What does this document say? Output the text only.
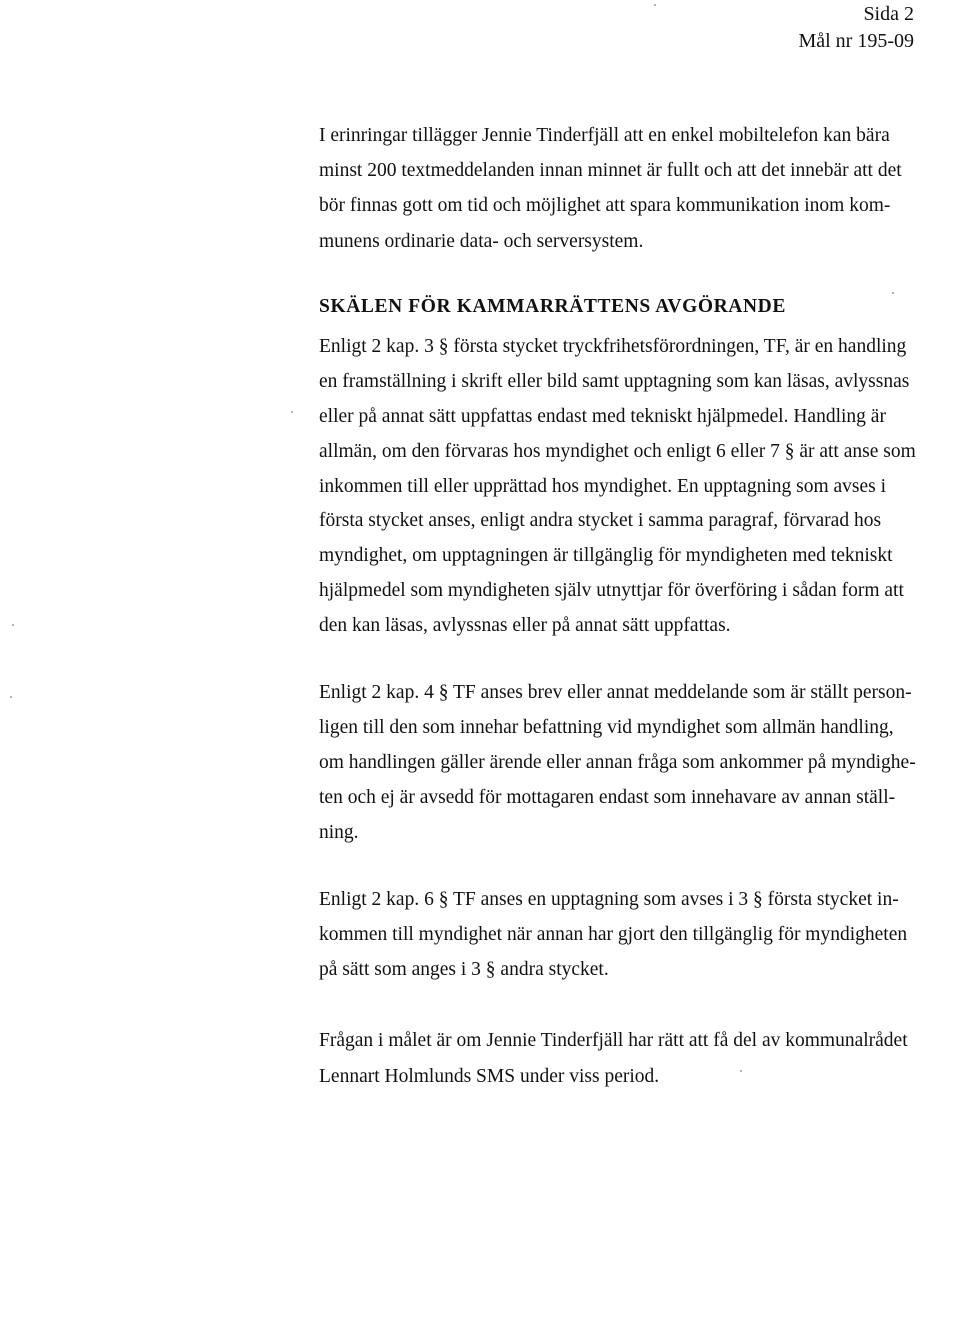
Sida 2
Mål nr 195-09
I erinringar tillägger Jennie Tinderfjäll att en enkel mobiltelefon kan bära
minst 200 textmeddelanden innan minnet är fullt och att det innebär att det
bör finnas gott om tid och möjlighet att spara kommunikation inom kom-
munens ordinarie data- och serversystem.
SKÄLEN FÖR KAMMARRÄTTENS AVGÖRANDE
Enligt 2 kap. 3 § första stycket tryckfrihetsförordningen, TF, är en handling
en framställning i skrift eller bild samt upptagning som kan läsas, avlyssnas
eller på annat sätt uppfattas endast med tekniskt hjälpmedel. Handling är
allmän, om den förvaras hos myndighet och enligt 6 eller 7 § är att anse som
inkommen till eller upprättad hos myndighet. En upptagning som avses i
första stycket anses, enligt andra stycket i samma paragraf, förvarad hos
myndighet, om upptagningen är tillgänglig för myndigheten med tekniskt
hjälpmedel som myndigheten själv utnyttjar för överföring i sådan form att
den kan läsas, avlyssnas eller på annat sätt uppfattas.
Enligt 2 kap. 4 § TF anses brev eller annat meddelande som är ställt person-
ligen till den som innehar befattning vid myndighet som allmän handling,
om handlingen gäller ärende eller annan fråga som ankommer på myndighe-
ten och ej är avsedd för mottagaren endast som innehavare av annan ställ-
ning.
Enligt 2 kap. 6 § TF anses en upptagning som avses i 3 § första stycket in-
kommen till myndighet när annan har gjort den tillgänglig för myndigheten
på sätt som anges i 3 § andra stycket.
Frågan i målet är om Jennie Tinderfjäll har rätt att få del av kommunalrådet
Lennart Holmlunds SMS under viss period.
